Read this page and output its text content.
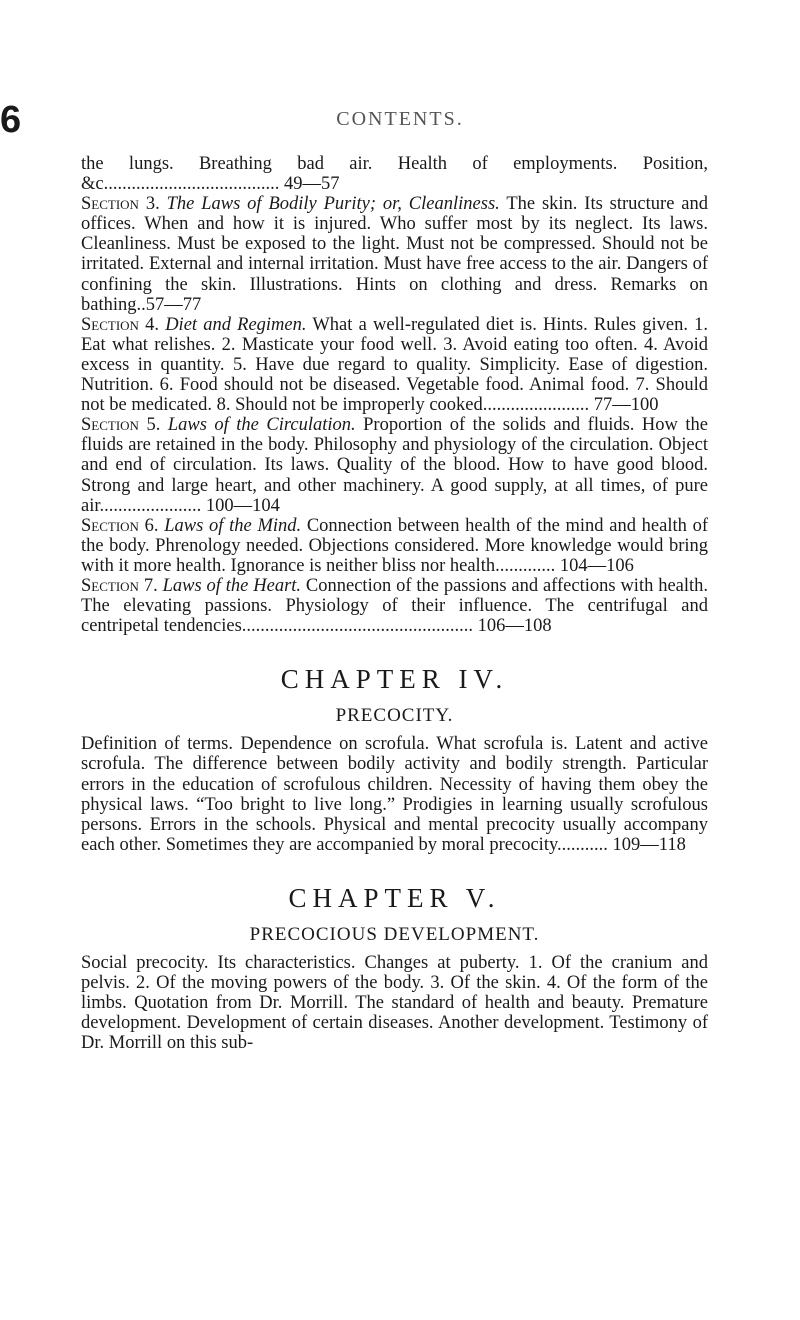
6	CONTENTS.

the lungs. Breathing bad air. Health of employments. Position, &c...................................... 49—57

Section 3. The Laws of Bodily Purity; or, Cleanliness. The skin. Its structure and offices. When and how it is injured. Who suffer most by its neglect. Its laws. Cleanliness. Must be exposed to the light. Must not be compressed. Should not be irritated. External and internal irritation. Must have free access to the air. Dangers of confining the skin. Illustrations. Hints on clothing and dress. Remarks on bathing..57—77

Section 4. Diet and Regimen. What a well-regulated diet is. Hints. Rules given. 1. Eat what relishes. 2. Masticate your food well. 3. Avoid eating too often. 4. Avoid excess in quantity. 5. Have due regard to quality. Simplicity. Ease of digestion. Nutrition. 6. Food should not be diseased. Vegetable food. Animal food. 7. Should not be medicated. 8. Should not be improperly cooked....................... 77—100

Section 5. Laws of the Circulation. Proportion of the solids and fluids. How the fluids are retained in the body. Philosophy and physiology of the circulation. Object and end of circulation. Its laws. Quality of the blood. How to have good blood. Strong and large heart, and other machinery. A good supply, at all times, of pure air...................... 100—104

Section 6. Laws of the Mind. Connection between health of the mind and health of the body. Phrenology needed. Objections considered. More knowledge would bring with it more health. Ignorance is neither bliss nor health............. 104—106

Section 7. Laws of the Heart. Connection of the passions and affections with health. The elevating passions. Physiology of their influence. The centrifugal and centripetal tendencies.................................................. 106—108

CHAPTER IV.
PRECOCITY.

Definition of terms. Dependence on scrofula. What scrofula is. Latent and active scrofula. The difference between bodily activity and bodily strength. Particular errors in the education of scrofulous children. Necessity of having them obey the physical laws. “Too bright to live long.” Prodigies in learning usually scrofulous persons. Errors in the schools. Physical and mental precocity usually accompany each other. Sometimes they are accompanied by moral precocity........... 109—118

CHAPTER V.
PRECOCIOUS DEVELOPMENT.

Social precocity. Its characteristics. Changes at puberty. 1. Of the cranium and pelvis. 2. Of the moving powers of the body. 3. Of the skin. 4. Of the form of the limbs. Quotation from Dr. Morrill. The standard of health and beauty. Premature development. Development of certain diseases. Another development. Testimony of Dr. Morrill on this sub-
